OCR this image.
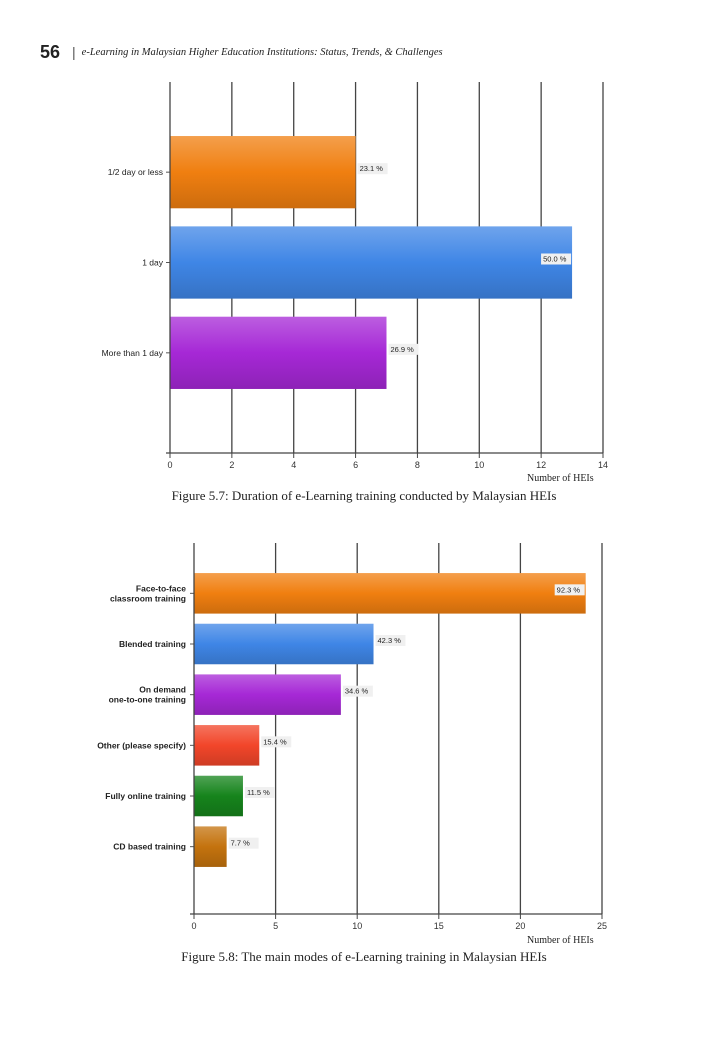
56 | e-Learning in Malaysian Higher Education Institutions: Status, Trends, & Challenges
1/2 day or less	23.1 %
1 day	50.0 %
More than 1 day	26.9 %
0	2	4	6	8	10	12	14
Face-to-face
classroom training
92.3 %
Blended training	42.3 %
On demand
one-to-one training
34.6 %
Other (please specify)	15.4 %
Fully online training	11.5 %
CD based training	7.7 %
0	5	10	15	20	25
Number of HEIs
Figure 5.7: Duration of e-Learning training conducted by Malaysian HEIs
Number of HEIs
Figure 5.8: The main modes of e-Learning training in Malaysian HEIs
